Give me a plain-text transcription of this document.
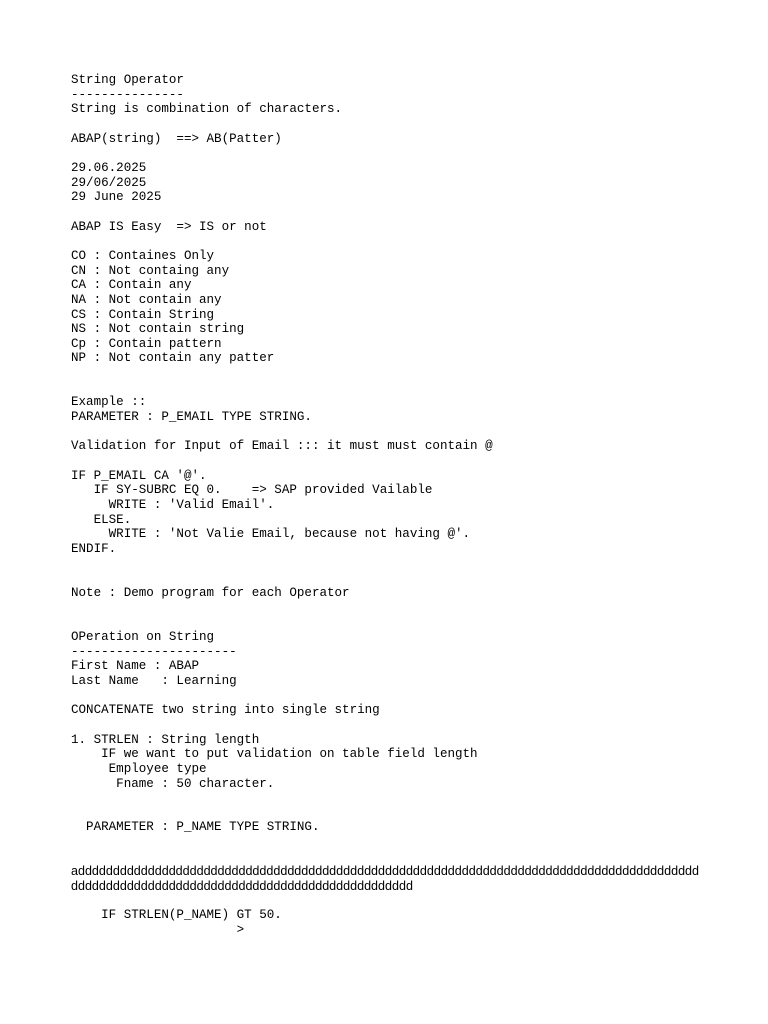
String Operator
---------------
String is combination of characters.
ABAP(string)  ==> AB(Patter)
29.06.2025
29/06/2025
29 June 2025
ABAP IS Easy  => IS or not
CO : Containes Only
CN : Not containg any
CA : Contain any
NA : Not contain any
CS : Contain String
NS : Not contain string
Cp : Contain pattern
NP : Not contain any patter
Example ::
PARAMETER : P_EMAIL TYPE STRING.
Validation for Input of Email ::: it must must contain @
IF P_EMAIL CA '@'.
IF SY-SUBRC EQ 0.    => SAP provided Vailable
WRITE : 'Valid Email'.
ELSE.
WRITE : 'Not Valie Email, because not having @'.
ENDIF.
Note : Demo program for each Operator
OPeration on String
----------------------
First Name : ABAP
Last Name   : Learning
CONCATENATE two string into single string
1. STRLEN : String length
IF we want to put validation on table field length
Employee type
Fname : 50 character.
PARAMETER : P_NAME TYPE STRING.
adddddddddddddddddddddddddddddddddddddddddddddddddddddddddddddddddddddddddddddddddddddddddddddddddddddddddddddddddddddddddddddddddddddddddd
IF STRLEN(P_NAME) GT 50.
>
